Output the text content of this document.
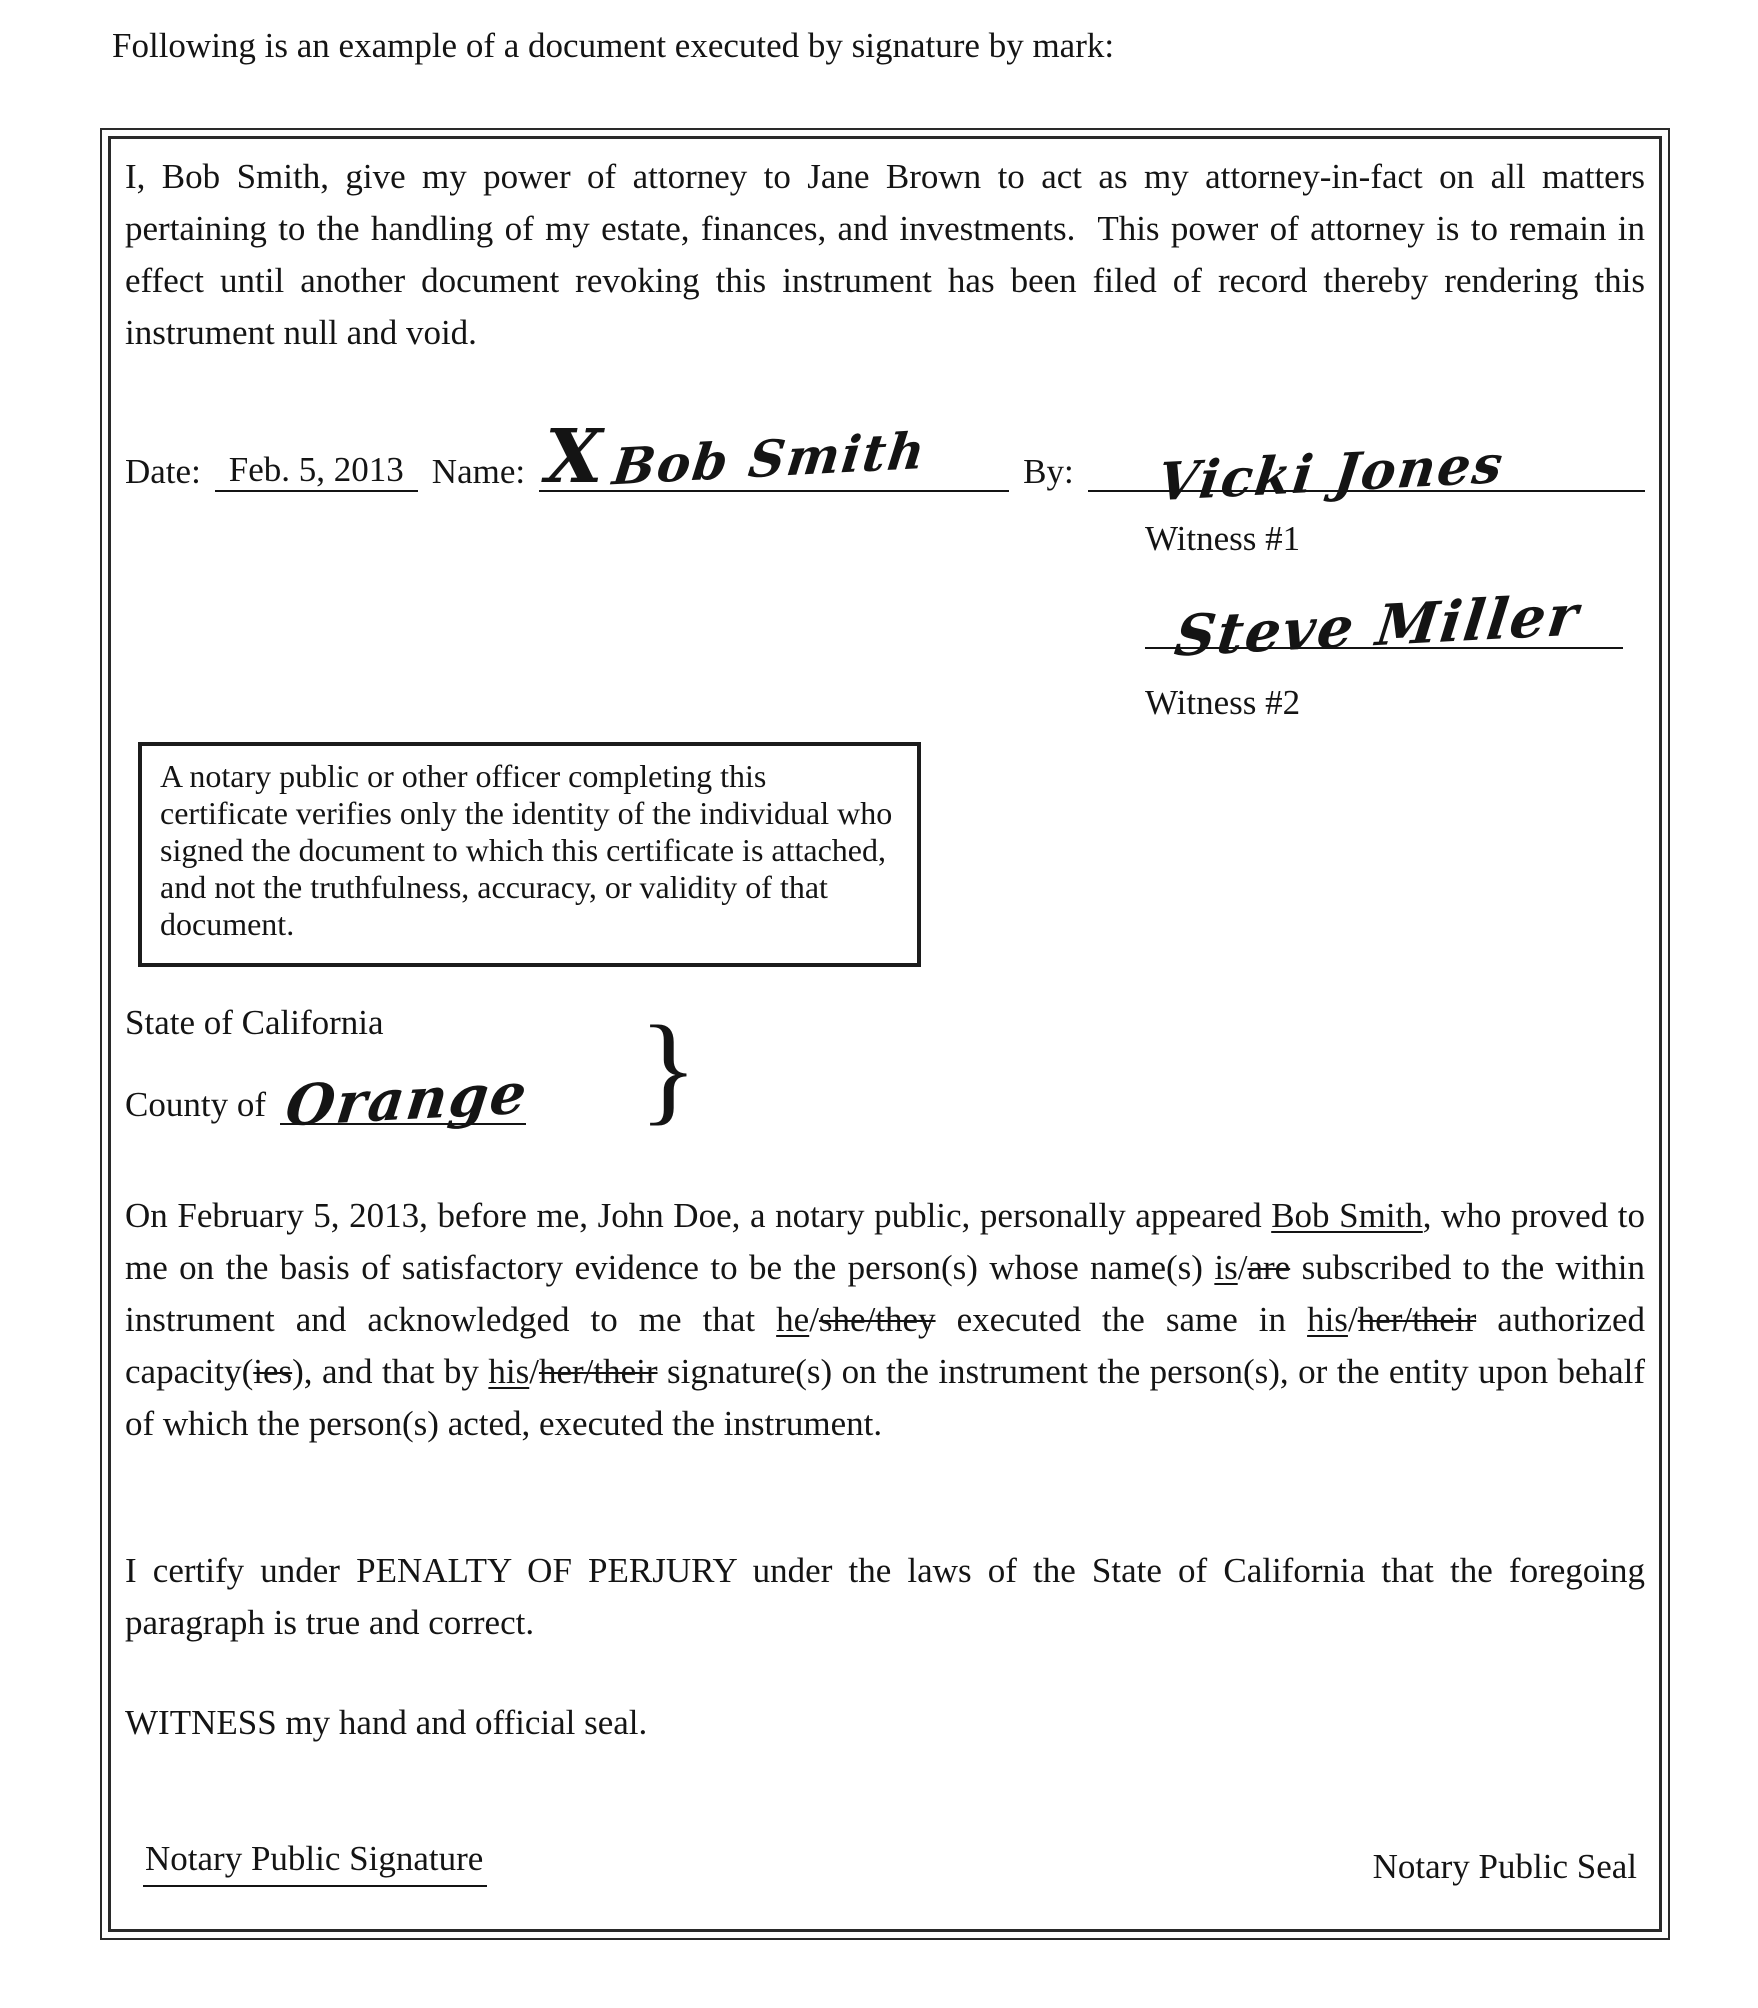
Following is an example of a document executed by signature by mark:
I, Bob Smith, give my power of attorney to Jane Brown to act as my attorney-in-fact on all matters pertaining to the handling of my estate, finances, and investments.  This power of attorney is to remain in effect until another document revoking this instrument has been filed of record thereby rendering this instrument null and void.
Date: Feb. 5, 2013 Name: X Bob Smith	By: Vicki Jones
Witness #1
Steve Miller
Witness #2
A notary public or other officer completing this certificate verifies only the identity of the individual who signed the document to which this certificate is attached, and not the truthfulness, accuracy, or validity of that document.
State of California
County of Orange }
On February 5, 2013, before me, John Doe, a notary public, personally appeared Bob Smith, who proved to me on the basis of satisfactory evidence to be the person(s) whose name(s) is/are subscribed to the within instrument and acknowledged to me that he/she/they executed the same in his/her/their authorized capacity(ies), and that by his/her/their signature(s) on the instrument the person(s), or the entity upon behalf of which the person(s) acted, executed the instrument.
I certify under PENALTY OF PERJURY under the laws of the State of California that the foregoing paragraph is true and correct.
WITNESS my hand and official seal.
Notary Public Signature	Notary Public Seal
